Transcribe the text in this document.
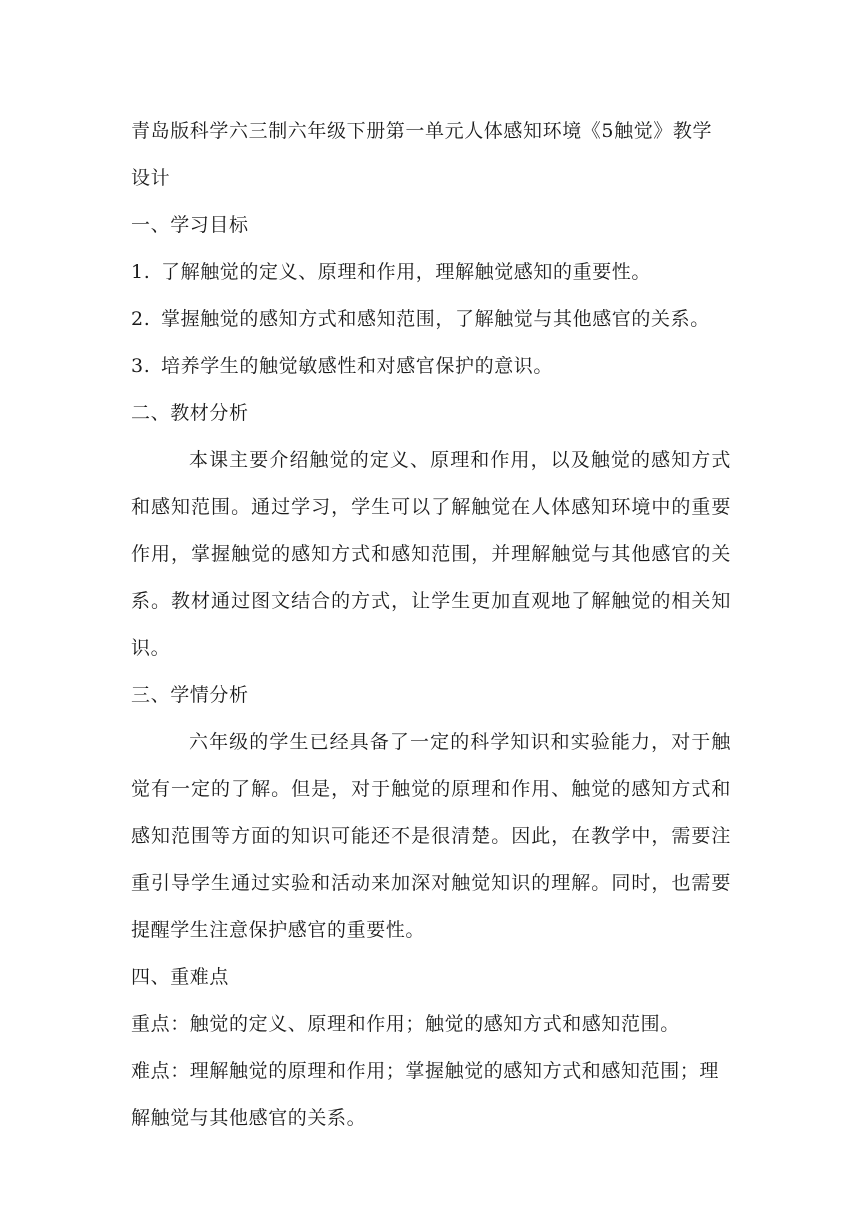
青岛版科学六三制六年级下册第一单元人体感知环境《5触觉》教学设计

一、学习目标

1. 了解触觉的定义、原理和作用，理解触觉感知的重要性。

2. 掌握触觉的感知方式和感知范围，了解触觉与其他感官的关系。

3. 培养学生的触觉敏感性和对感官保护的意识。

二、教材分析

本课主要介绍触觉的定义、原理和作用，以及触觉的感知方式和感知范围。通过学习，学生可以了解触觉在人体感知环境中的重要作用，掌握触觉的感知方式和感知范围，并理解触觉与其他感官的关系。教材通过图文结合的方式，让学生更加直观地了解触觉的相关知识。

三、学情分析

六年级的学生已经具备了一定的科学知识和实验能力，对于触觉有一定的了解。但是，对于触觉的原理和作用、触觉的感知方式和感知范围等方面的知识可能还不是很清楚。因此，在教学中，需要注重引导学生通过实验和活动来加深对触觉知识的理解。同时，也需要提醒学生注意保护感官的重要性。

四、重难点

重点：触觉的定义、原理和作用；触觉的感知方式和感知范围。

难点：理解触觉的原理和作用；掌握触觉的感知方式和感知范围；理解触觉与其他感官的关系。
